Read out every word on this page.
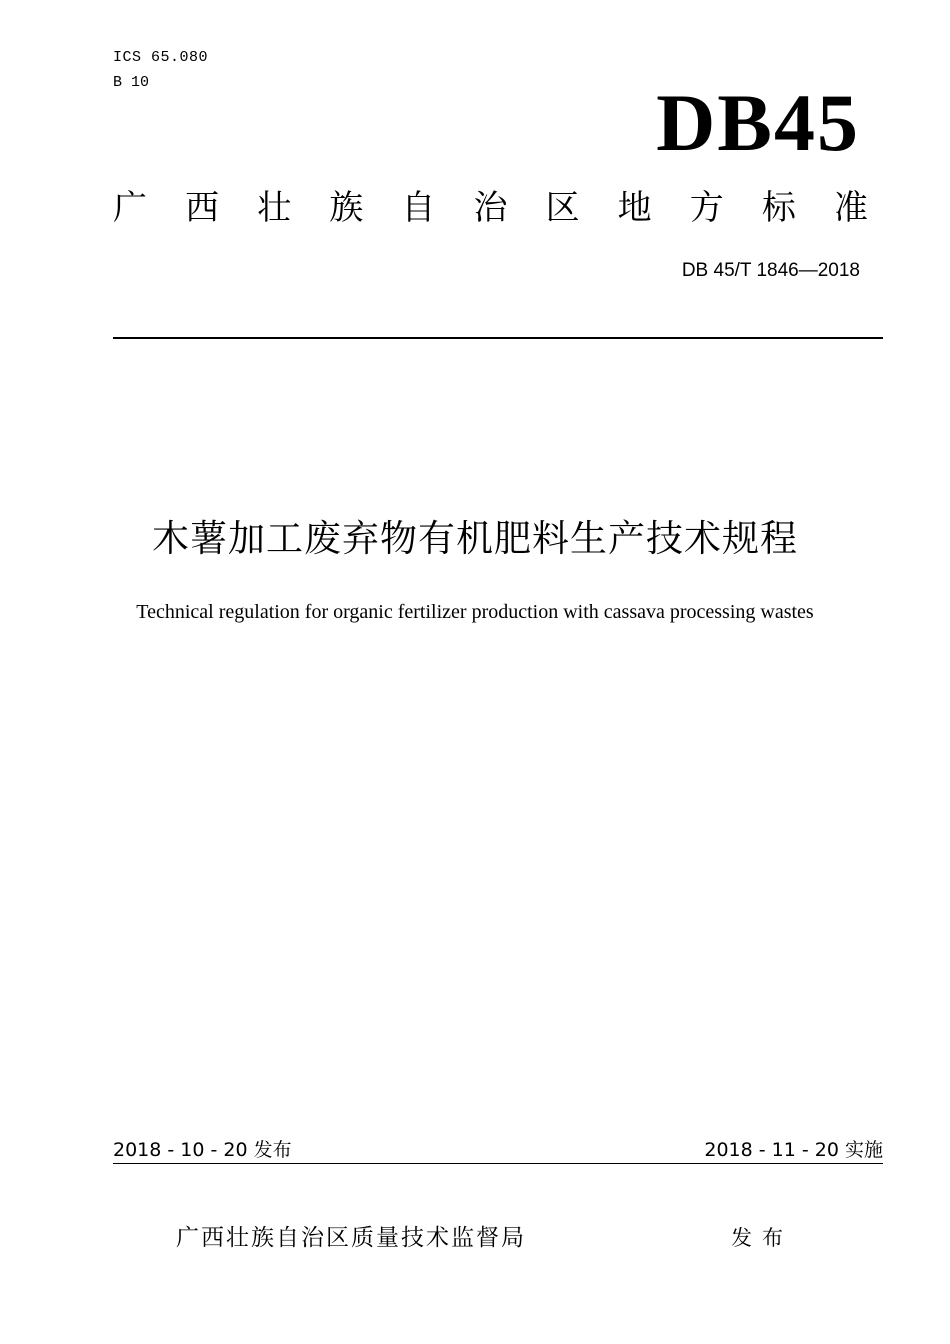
ICS 65.080
B 10	DB45
广 西 壮 族 自 治 区 地 方 标 准
DB 45/T 1846—2018
木薯加工废弃物有机肥料生产技术规程
Technical regulation for organic fertilizer production with cassava processing wastes
2018 - 10 - 20 发布	2018 - 11 - 20 实施
广西壮族自治区质量技术监督局	发布
